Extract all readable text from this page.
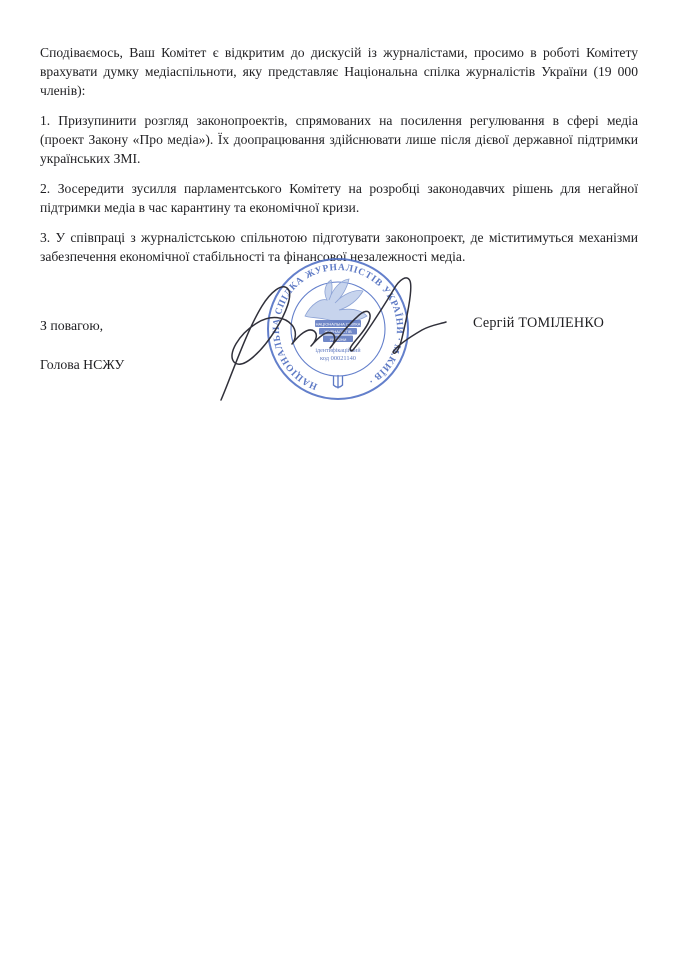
Сподіваємось, Ваш Комітет є відкритим до дискусій із журналістами, просимо в роботі Комітету врахувати думку медіаспільноти, яку представляє Національна спілка журналістів України (19 000 членів):

1. Призупинити розгляд законопроектів, спрямованих на посилення регулювання в сфері медіа (проект Закону «Про медіа»). Їх доопрацювання здійснювати лише після дієвої державної підтримки українських ЗМІ.

2. Зосередити зусилля парламентського Комітету на розробці законодавчих рішень для негайної підтримки медіа в час карантину та економічної кризи.

3. У співпраці з журналістською спільнотою підготувати законопроект, де міститимуться механізми забезпечення економічної стабільності та фінансової незалежності медіа.

З повагою,

Голова НСЖУ

Сергій ТОМІЛЕНКО
НАЦІОНАЛЬНА СПІЛКА ЖУРНАЛІСТІВ УКРАЇНИ ∙ М.КИЇВ ∙
НАЦІОНАЛЬНА СПІЛКА
ЖУРНАЛІСТІВ
УКРАЇНИ
ідентифікаційний
код 00021140
